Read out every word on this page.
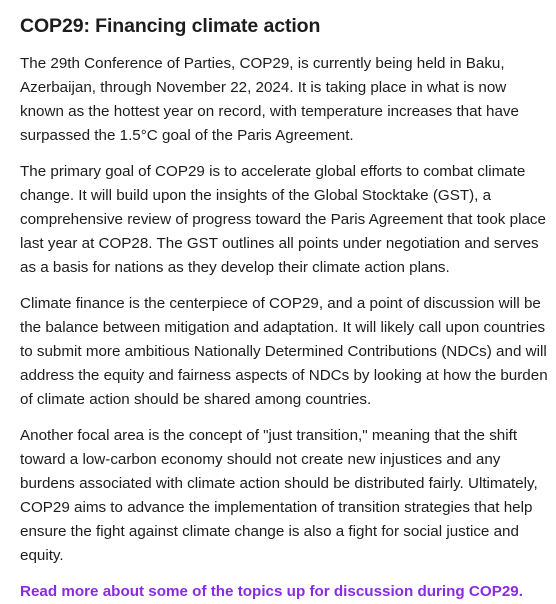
COP29: Financing climate action

The 29th Conference of Parties, COP29, is currently being held in Baku, Azerbaijan, through November 22, 2024. It is taking place in what is now known as the hottest year on record, with temperature increases that have surpassed the 1.5°C goal of the Paris Agreement.

The primary goal of COP29 is to accelerate global efforts to combat climate change. It will build upon the insights of the Global Stocktake (GST), a comprehensive review of progress toward the Paris Agreement that took place last year at COP28. The GST outlines all points under negotiation and serves as a basis for nations as they develop their climate action plans.

Climate finance is the centerpiece of COP29, and a point of discussion will be the balance between mitigation and adaptation. It will likely call upon countries to submit more ambitious Nationally Determined Contributions (NDCs) and will address the equity and fairness aspects of NDCs by looking at how the burden of climate action should be shared among countries.

Another focal area is the concept of "just transition," meaning that the shift toward a low-carbon economy should not create new injustices and any burdens associated with climate action should be distributed fairly. Ultimately, COP29 aims to advance the implementation of transition strategies that help ensure the fight against climate change is also a fight for social justice and equity.

Read more about some of the topics up for discussion during COP29.
